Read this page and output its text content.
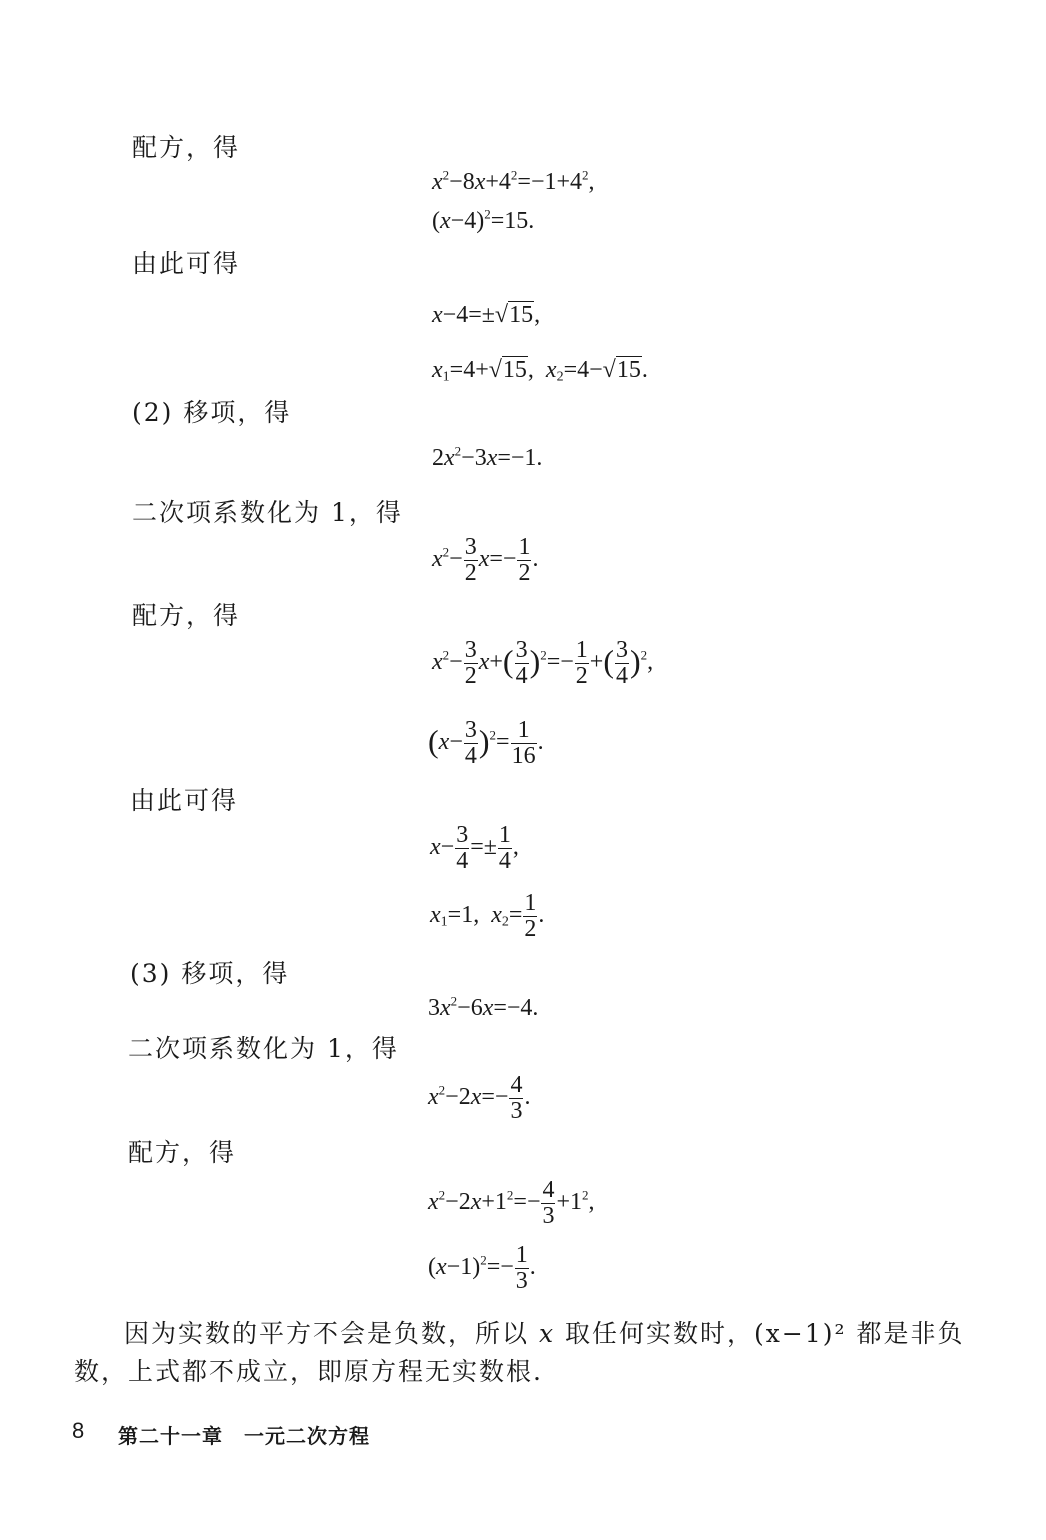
配方，得
$x^2-8x+4^2=-1+4^2$,
$(x-4)^2=15$.
由此可得
x−4=±√15,
$x_1=4+√15$,  $x_2=4-√15$.
(2) 移项，得
$2x^2-3x=-1$.
二次项系数化为 1，得
$x^2- \frac{3}{2} x=- \frac{1}{2}$ .
配方，得
$x^2- \frac{3}{2} x+( \frac{3}{4} )^2=- \frac{1}{2}$ +( $\frac{3}{4} )^2$,
$(x- \frac{3}{4} )^2= \frac{1}{16}$ .
由此可得
$x- \frac{3}{4} =\pm \frac{1}{4}$ ,
$x_1=1$,  $x_2= \frac{1}{2}$ .
(3) 移项，得
$3x^2-6x=-4$.
二次项系数化为 1，得
$x^2-2x=- \frac{4}{3}$ .
配方，得
$x^2-2x+1^2=- \frac{4}{3} +1^2$,
$(x-1)^2=- \frac{1}{3}$ .
因为实数的平方不会是负数，所以 x 取任何实数时，(x−1)² 都是非负
数，上式都不成立，即原方程无实数根.
8 第二十一章　一元二次方程
